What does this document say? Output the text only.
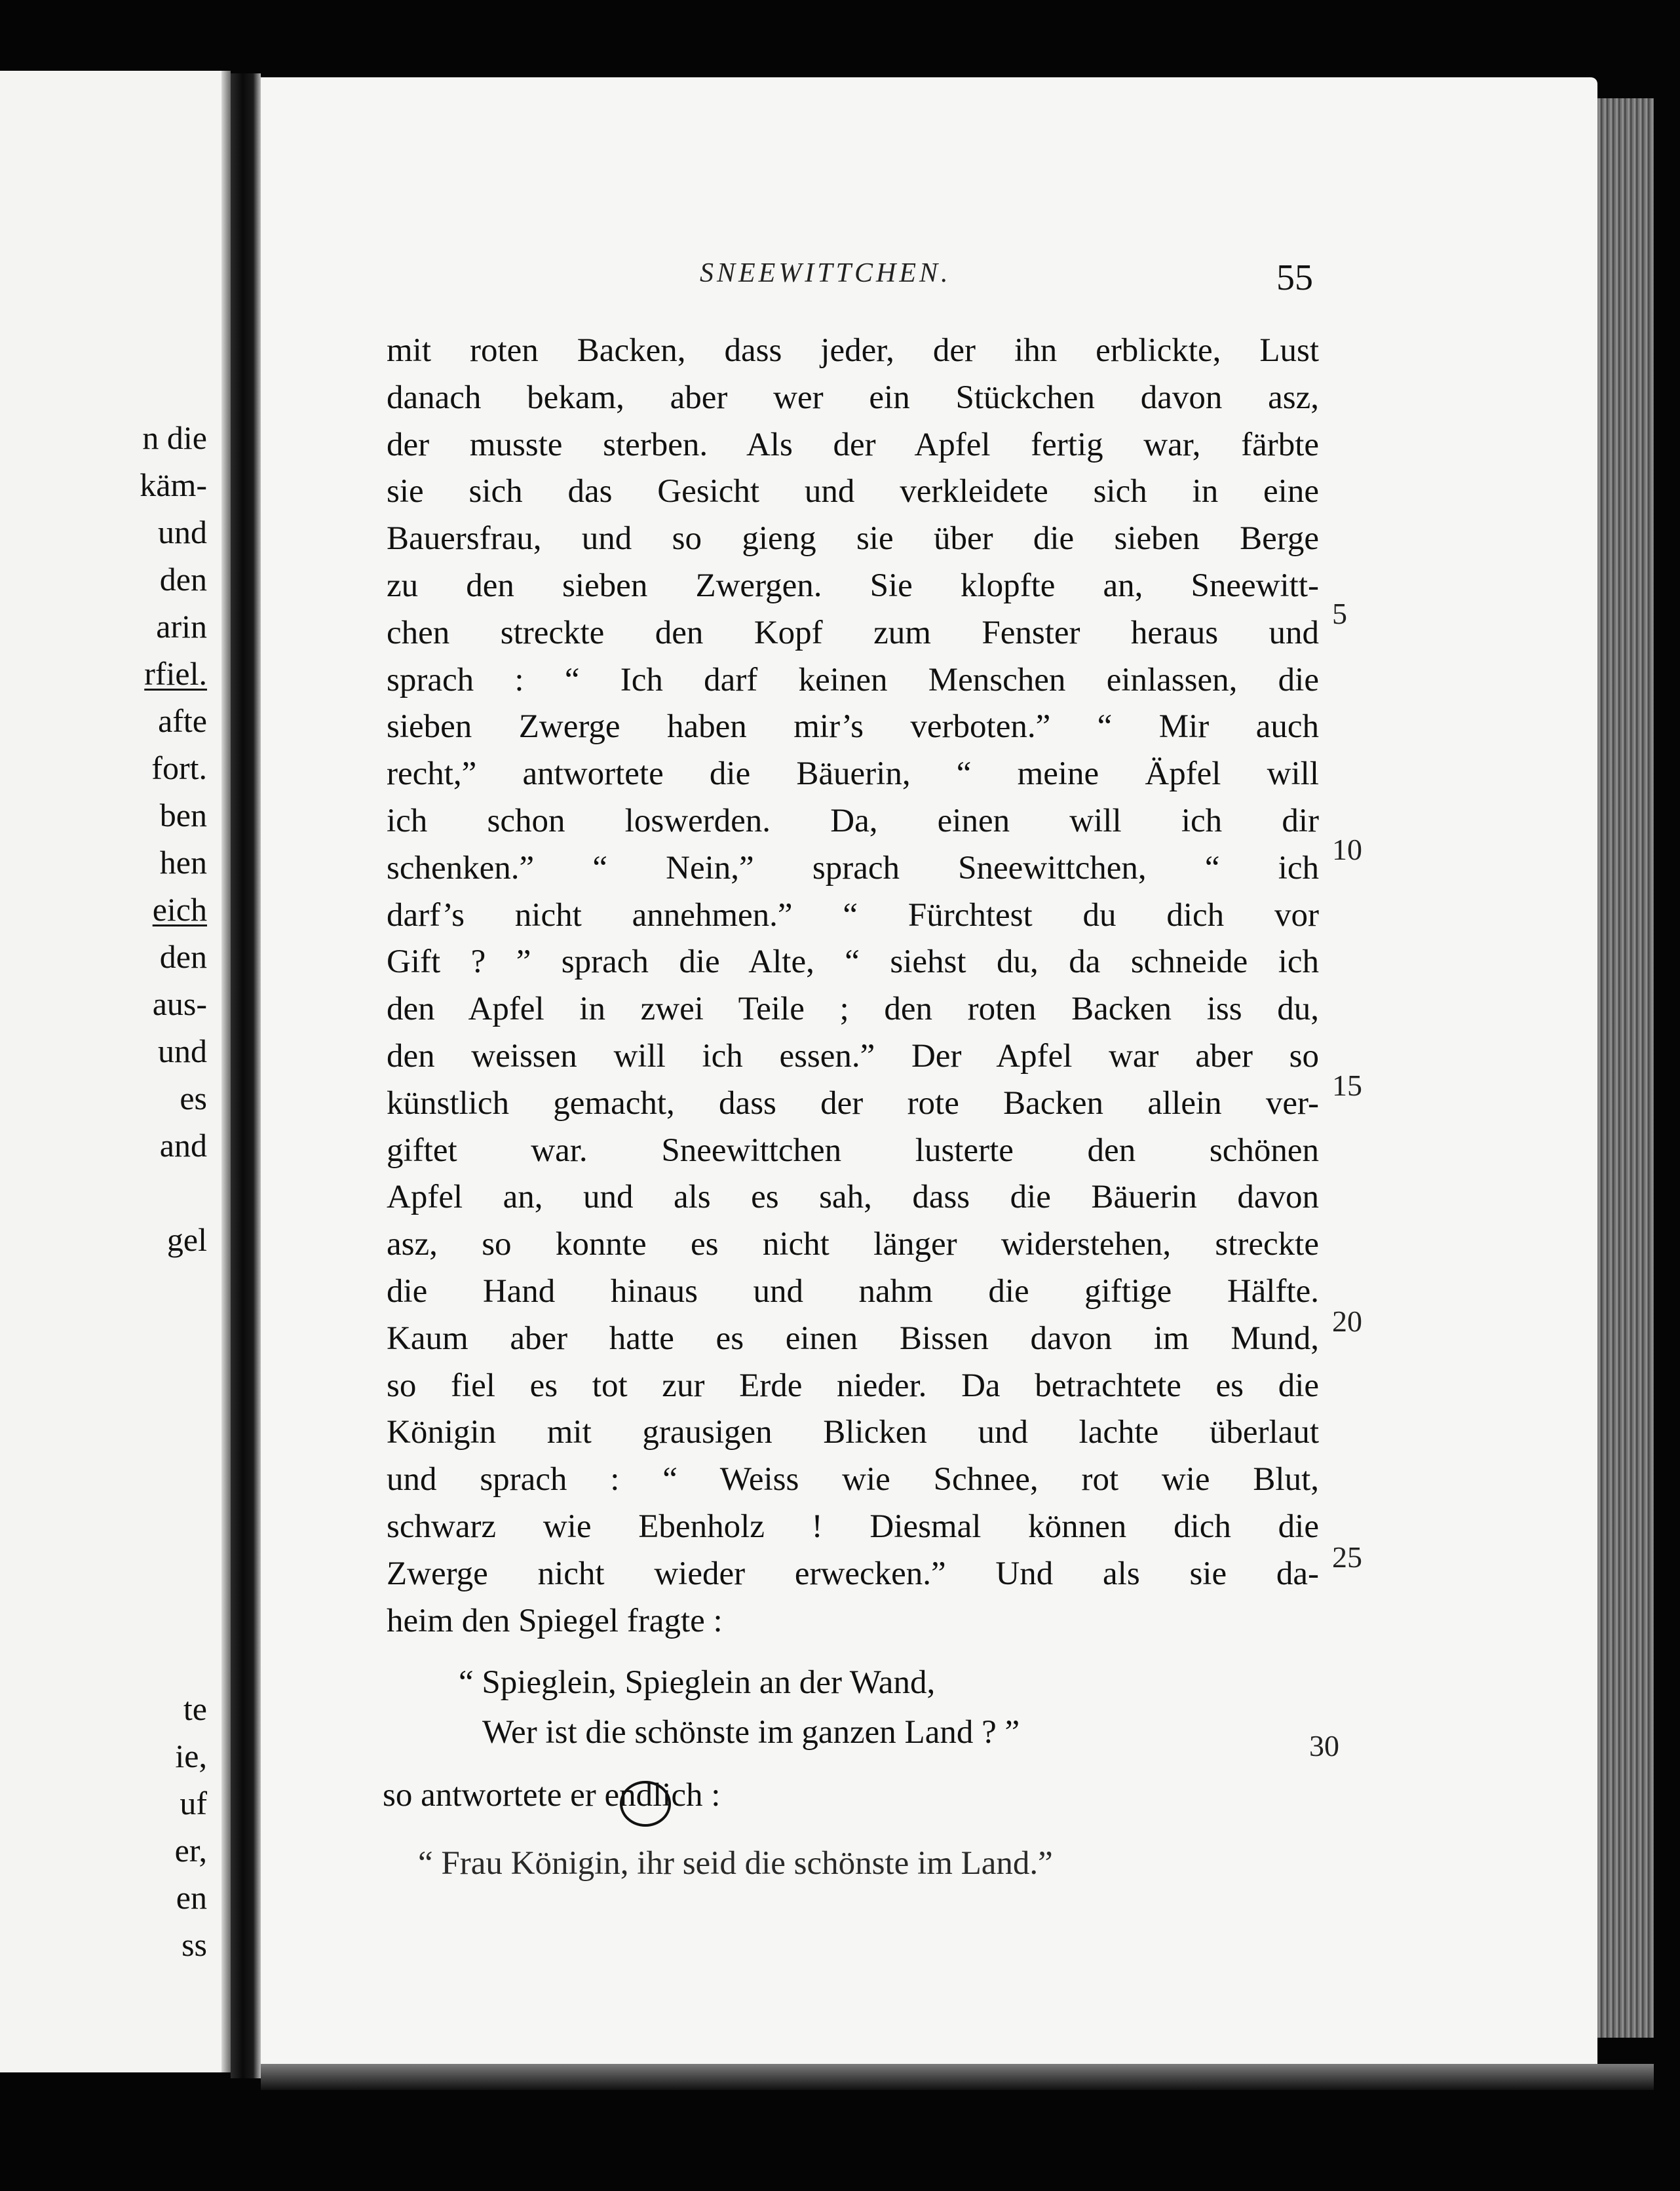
n die
käm-
und
den
arin
rfiel.
afte
fort.
ben
hen
eich
den
aus-
und
es
and
gel
te
ie,
uf
er,
en
ss
SNEEWITTCHEN.	55
mit roten Backen, dass jeder, der ihn erblickte, Lust
danach bekam, aber wer ein Stückchen davon asz,
der musste sterben. Als der Apfel fertig war, färbte
sie sich das Gesicht und verkleidete sich in eine
Bauersfrau, und so gieng sie über die sieben Berge
zu den sieben Zwergen. Sie klopfte an, Sneewitt-
chen streckte den Kopf zum Fenster heraus und
sprach : “ Ich darf keinen Menschen einlassen, die
sieben Zwerge haben mir’s verboten.” “ Mir auch
recht,” antwortete die Bäuerin, “ meine Äpfel will
ich schon loswerden. Da, einen will ich dir
schenken.” “ Nein,” sprach Sneewittchen, “ ich
darf’s nicht annehmen.” “ Fürchtest du dich vor
Gift ? ” sprach die Alte, “ siehst du, da schneide ich
den Apfel in zwei Teile ; den roten Backen iss du,
den weissen will ich essen.” Der Apfel war aber so
künstlich gemacht, dass der rote Backen allein ver-
giftet war. Sneewittchen lusterte den schönen
Apfel an, und als es sah, dass die Bäuerin davon
asz, so konnte es nicht länger widerstehen, streckte
die Hand hinaus und nahm die giftige Hälfte.
Kaum aber hatte es einen Bissen davon im Mund,
so fiel es tot zur Erde nieder. Da betrachtete es die
Königin mit grausigen Blicken und lachte überlaut
und sprach : “ Weiss wie Schnee, rot wie Blut,
schwarz wie Ebenholz ! Diesmal können dich die
Zwerge nicht wieder erwecken.” Und als sie da-
heim den Spiegel fragte :
“ Spieglein, Spieglein an der Wand,
Wer ist die schönste im ganzen Land ? ”
so antwortete er endlich :
“ Frau Königin, ihr seid die schönste im Land.”
5
10
15
20
25
30
